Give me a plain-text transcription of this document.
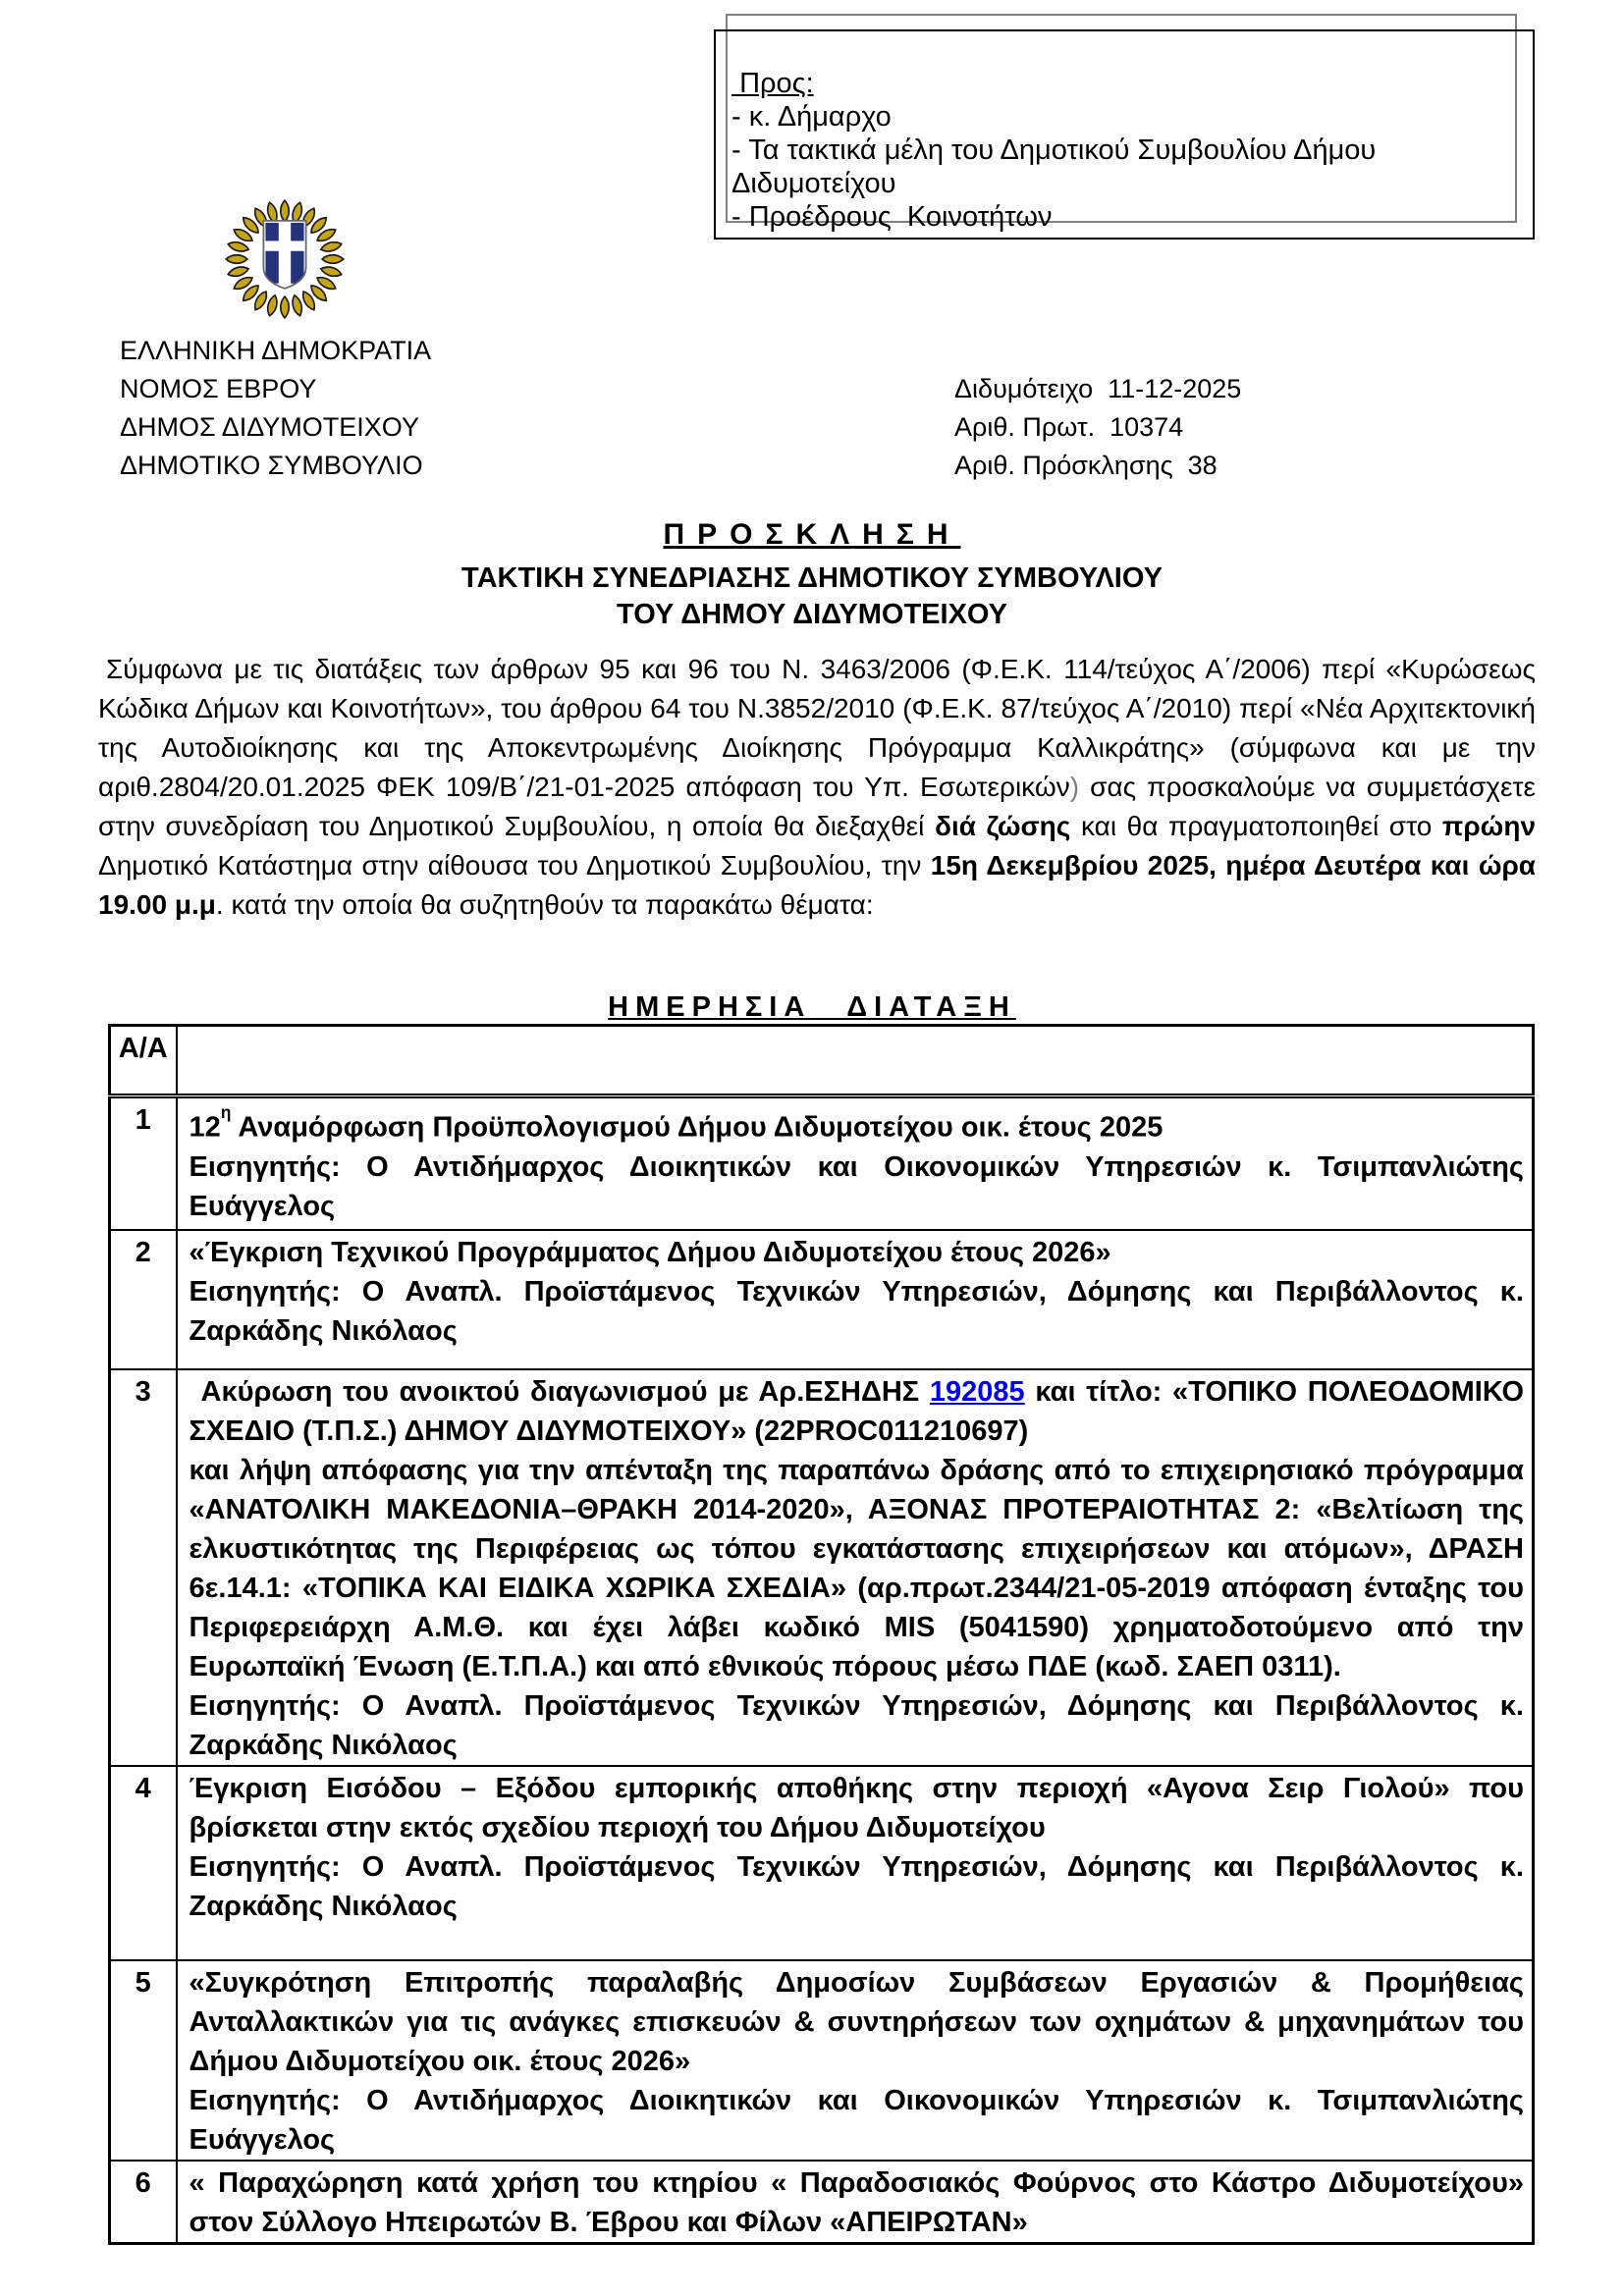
Προς:
- κ. Δήμαρχο
- Τα τακτικά μέλη του Δημοτικού Συμβουλίου Δήμου Διδυμοτείχου
- Προέδρους  Κοινοτήτων
ΕΛΛΗΝΙΚΗ ΔΗΜΟΚΡΑΤΙΑ
ΝΟΜΟΣ ΕΒΡΟΥ
ΔΗΜΟΣ ΔΙΔΥΜΟΤΕΙΧΟΥ
ΔΗΜΟΤΙΚΟ ΣΥΜΒΟΥΛΙΟ
Διδυμότειχο  11-12-2025
Αριθ. Πρωτ.  10374
Αριθ. Πρόσκλησης  38
ΠΡΟΣΚΛΗΣΗ
ΤΑΚΤΙΚΗ ΣΥΝΕΔΡΙΑΣΗΣ ΔΗΜΟΤΙΚΟΥ ΣΥΜΒΟΥΛΙΟΥ
ΤΟΥ ΔΗΜΟΥ ΔΙΔΥΜΟΤΕΙΧΟΥ

Σύμφωνα με τις διατάξεις των άρθρων 95 και 96 του Ν. 3463/2006 (Φ.Ε.Κ. 114/τεύχος Α΄/2006) περί «Κυρώσεως Κώδικα Δήμων και Κοινοτήτων», του άρθρου 64 του Ν.3852/2010 (Φ.Ε.Κ. 87/τεύχος Α΄/2010) περί «Νέα Αρχιτεκτονική της Αυτοδιοίκησης και της Αποκεντρωμένης Διοίκησης Πρόγραμμα Καλλικράτης» (σύμφωνα και με την αριθ.2804/20.01.2025 ΦΕΚ 109/Β΄/21-01-2025 απόφαση του Υπ. Εσωτερικών) σας προσκαλούμε να συμμετάσχετε στην συνεδρίαση του Δημοτικού Συμβουλίου, η οποία θα διεξαχθεί διά ζώσης και θα πραγματοποιηθεί στο πρώην Δημοτικό Κατάστημα στην αίθουσα του Δημοτικού Συμβουλίου, την 15η Δεκεμβρίου 2025, ημέρα Δευτέρα και ώρα 19.00 μ.μ. κατά την οποία θα συζητηθούν τα παρακάτω θέματα:

ΗΜΕΡΗΣΙΑ ΔΙΑΤΑΞΗ
Α/Α	
1	$12^\eta$ Αναμόρφωση Προϋπολογισμού Δήμου Διδυμοτείχου οικ. έτους 2025

Εισηγητής: Ο Αντιδήμαρχος Διοικητικών και Οικονομικών Υπηρεσιών κ. Τσιμπανλιώτης Ευάγγελος

2	«Έγκριση Τεχνικού Προγράμματος Δήμου Διδυμοτείχου έτους 2026»

Εισηγητής: Ο Αναπλ. Προϊστάμενος Τεχνικών Υπηρεσιών, Δόμησης και Περιβάλλοντος κ. Ζαρκάδης Νικόλαος

3	Ακύρωση του ανοικτού διαγωνισμού με Αρ.ΕΣΗΔΗΣ 192085 και τίτλο: «ΤΟΠΙΚΟ ΠΟΛΕΟΔΟΜΙΚΟ ΣΧΕΔΙΟ (Τ.Π.Σ.) ΔΗΜΟΥ ΔΙΔΥΜΟΤΕΙΧΟΥ» (22PROC011210697)

και λήψη απόφασης για την απένταξη της παραπάνω δράσης από το επιχειρησιακό πρόγραμμα «ΑΝΑΤΟΛΙΚΗ ΜΑΚΕΔΟΝΙΑ–ΘΡΑΚΗ 2014-2020», ΑΞΟΝΑΣ ΠΡΟΤΕΡΑΙΟΤΗΤΑΣ 2: «Βελτίωση της ελκυστικότητας της Περιφέρειας ως τόπου εγκατάστασης επιχειρήσεων και ατόμων», ΔΡΑΣΗ 6ε.14.1: «ΤΟΠΙΚΑ ΚΑΙ ΕΙΔΙΚΑ ΧΩΡΙΚΑ ΣΧΕΔΙΑ» (αρ.πρωτ.2344/21-05-2019 απόφαση ένταξης του Περιφερειάρχη Α.Μ.Θ. και έχει λάβει κωδικό MIS (5041590) χρηματοδοτούμενο από την Ευρωπαϊκή Ένωση (Ε.Τ.Π.Α.) και από εθνικούς πόρους μέσω ΠΔΕ (κωδ. ΣΑΕΠ 0311).

Εισηγητής: Ο Αναπλ. Προϊστάμενος Τεχνικών Υπηρεσιών, Δόμησης και Περιβάλλοντος κ. Ζαρκάδης Νικόλαος

4	Έγκριση Εισόδου – Εξόδου εμπορικής αποθήκης στην περιοχή «Αγονα Σειρ Γιολού» που βρίσκεται στην εκτός σχεδίου περιοχή του Δήμου Διδυμοτείχου

Εισηγητής: Ο Αναπλ. Προϊστάμενος Τεχνικών Υπηρεσιών, Δόμησης και Περιβάλλοντος κ. Ζαρκάδης Νικόλαος

5	«Συγκρότηση Επιτροπής παραλαβής Δημοσίων Συμβάσεων Εργασιών & Προμήθειας Ανταλλακτικών για τις ανάγκες επισκευών & συντηρήσεων των οχημάτων & μηχανημάτων του Δήμου Διδυμοτείχου οικ. έτους 2026»

Εισηγητής: Ο Αντιδήμαρχος Διοικητικών και Οικονομικών Υπηρεσιών κ. Τσιμπανλιώτης Ευάγγελος

6	« Παραχώρηση κατά χρήση του κτηρίου « Παραδοσιακός Φούρνος στο Κάστρο Διδυμοτείχου» στον Σύλλογο Ηπειρωτών Β. Έβρου και Φίλων «ΑΠΕΙΡΩΤΑΝ»
